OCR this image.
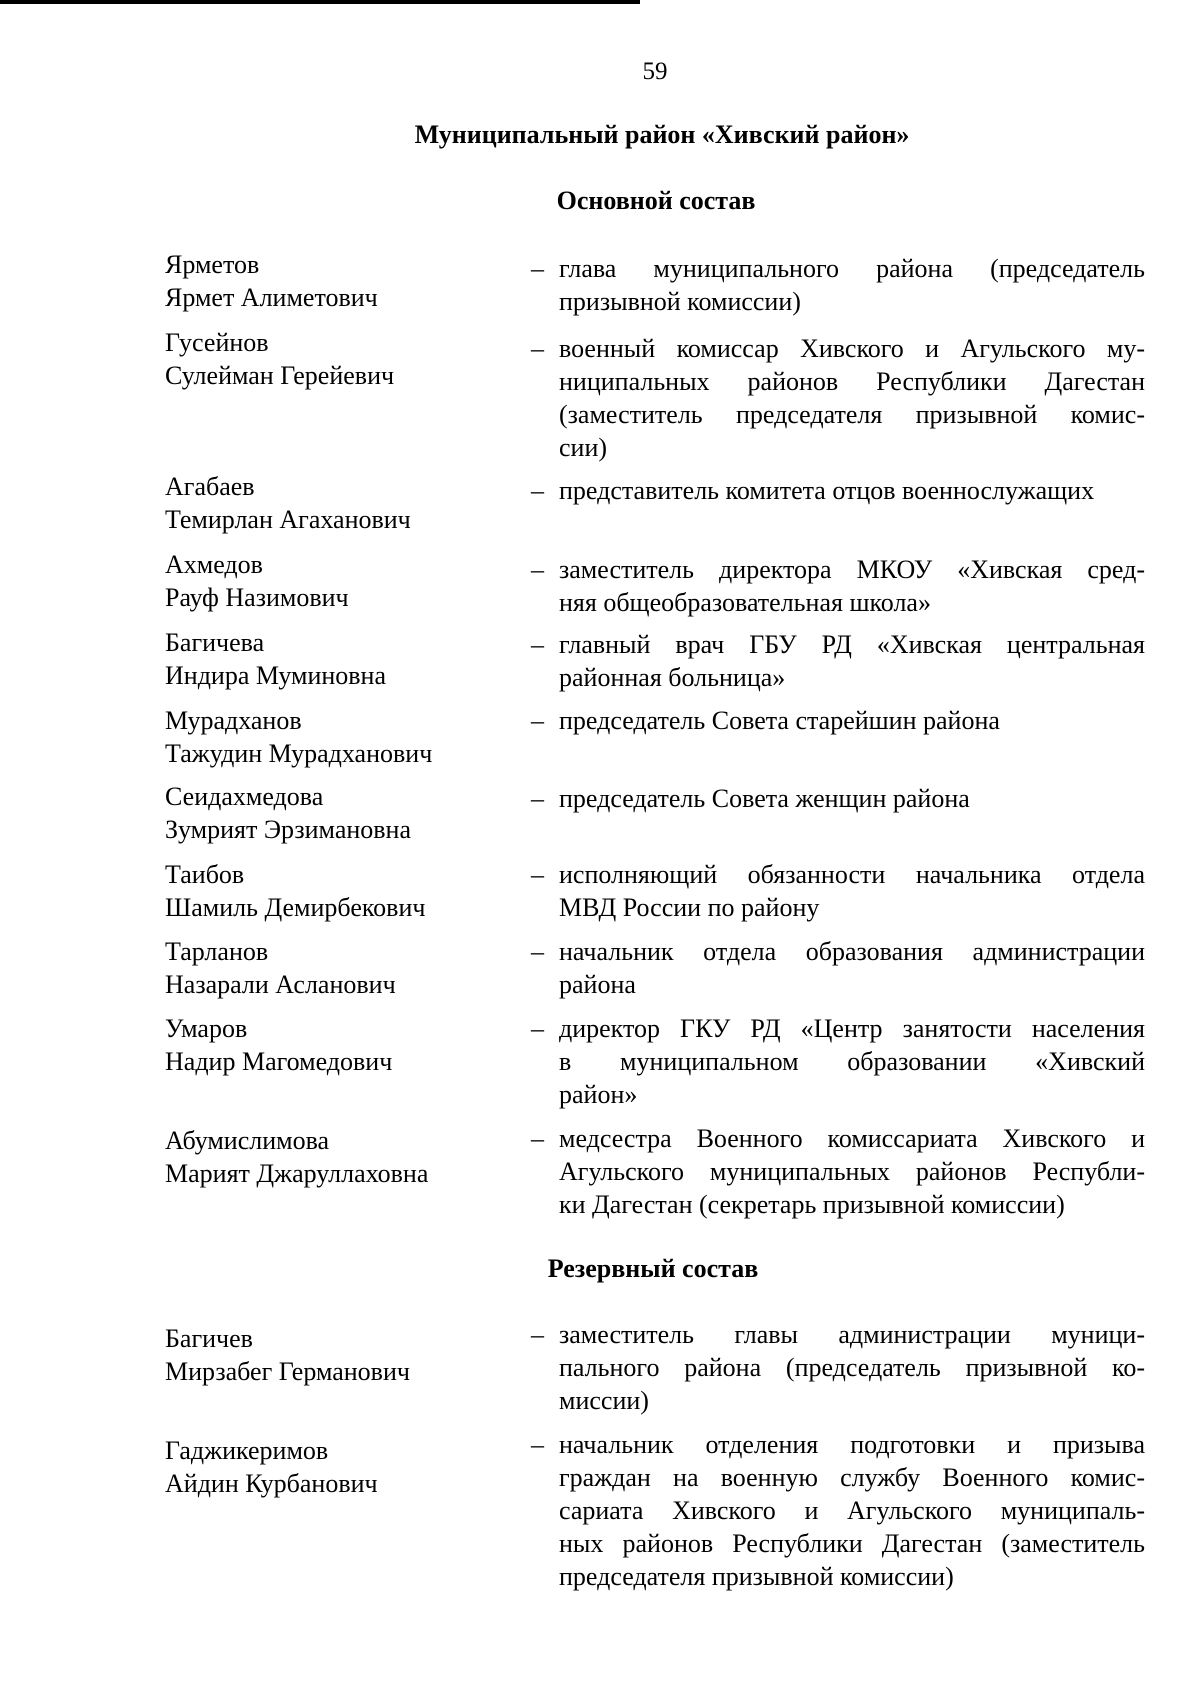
59
Муниципальный район «Хивский район»
Основной состав
Ярметов
Ярмет Алиметович
– глава муниципального района (председатель
призывной комиссии)
Гусейнов
Сулейман Герейевич
– военный комиссар Хивского и Агульского му-
ниципальных районов Республики Дагестан
(заместитель председателя призывной комис-
сии)
Агабаев
Темирлан Агаханович
– представитель комитета отцов военнослужащих
Ахмедов
Рауф Назимович
– заместитель директора МКОУ «Хивская сред-
няя общеобразовательная школа»
Багичева
Индира Муминовна
– главный врач ГБУ РД «Хивская центральная
районная больница»
Мурадханов
Тажудин Мурадханович
– председатель Совета старейшин района
Сеидахмедова
Зумрият Эрзимановна
– председатель Совета женщин района
Таибов
Шамиль Демирбекович
– исполняющий обязанности начальника отдела
МВД России по району
Тарланов
Назарали Асланович
– начальник отдела образования администрации
района
Умаров
Надир Магомедович
– директор ГКУ РД «Центр занятости населения
в муниципальном образовании «Хивский
район»
Абумислимова
Марият Джаруллаховна
– медсестра Военного комиссариата Хивского и
Агульского муниципальных районов Республи-
ки Дагестан (секретарь призывной комиссии)
Резервный состав
Багичев
Мирзабег Германович
– заместитель главы администрации муници-
пального района (председатель призывной ко-
миссии)
Гаджикеримов
Айдин Курбанович
– начальник отделения подготовки и призыва
граждан на военную службу Военного комис-
сариата Хивского и Агульского муниципаль-
ных районов Республики Дагестан (заместитель
председателя призывной комиссии)
